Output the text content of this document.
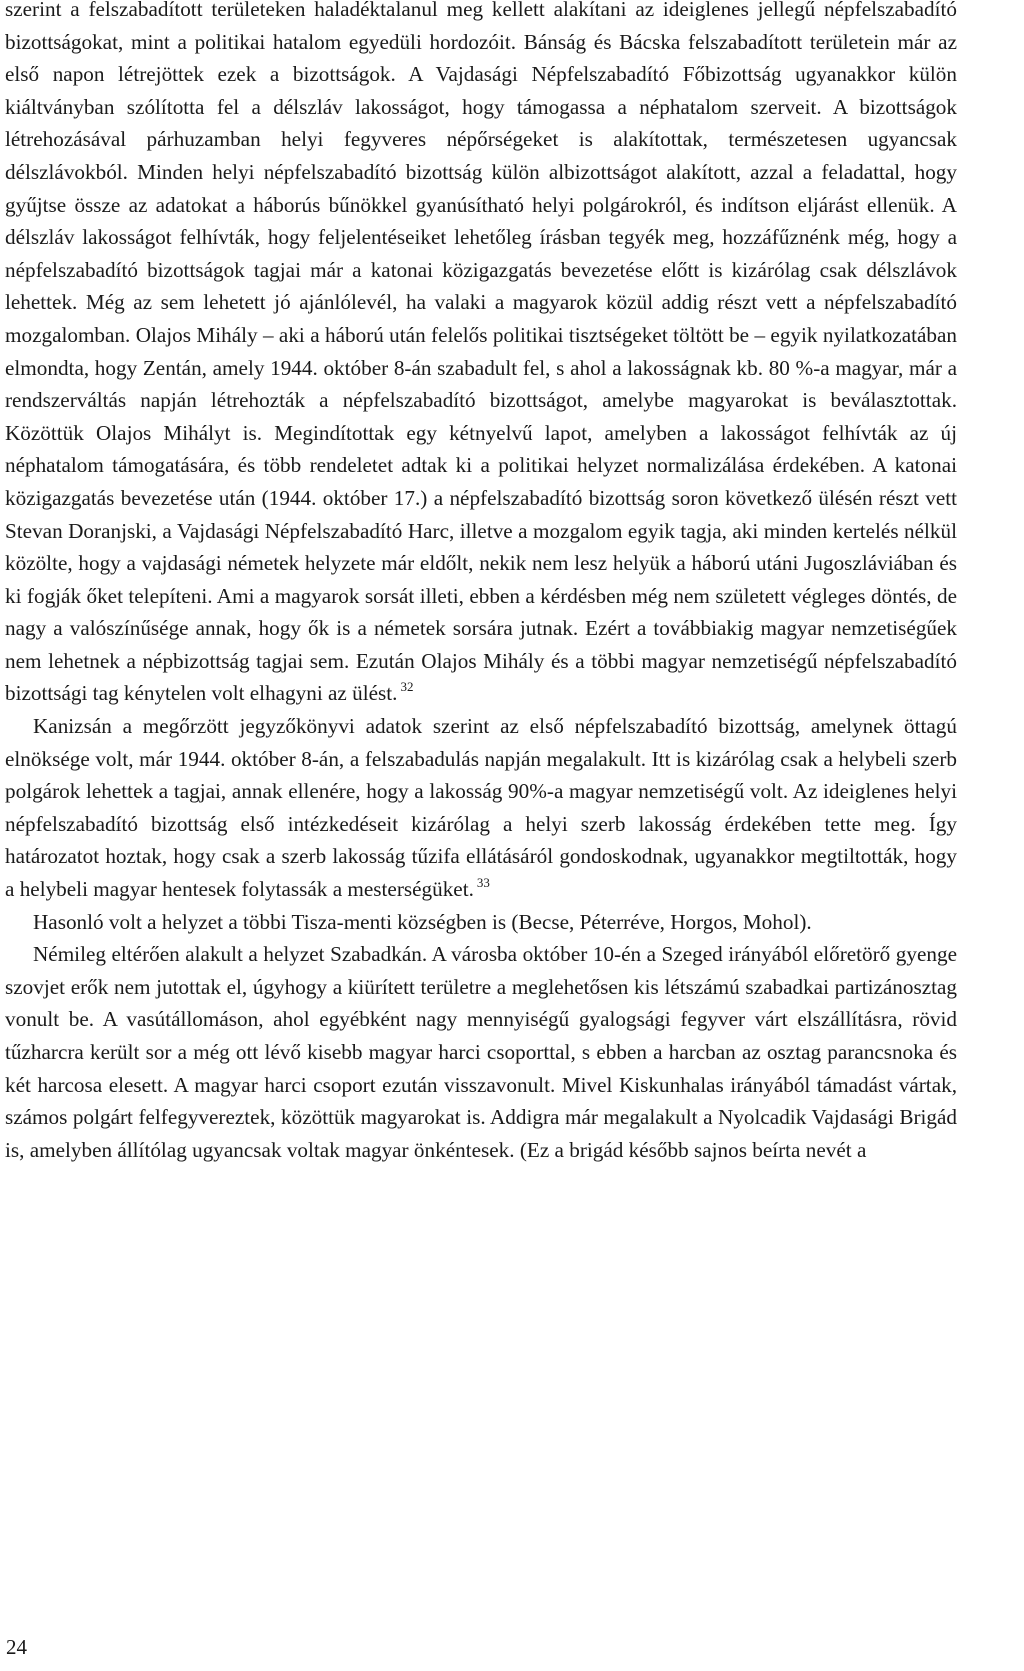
szerint a felszabadított területeken haladéktalanul meg kellett alakítani az ideiglenes jellegű népfelszabadító bizottságokat, mint a politikai hatalom egyedüli hordozóit. Bánság és Bácska felszabadított területein már az első napon létrejöttek ezek a bizottságok. A Vajdasági Népfelszabadító Főbizottság ugyanakkor külön kiáltványban szólította fel a délszláv lakosságot, hogy támogassa a néphatalom szerveit. A bizottságok létrehozásával párhuzamban helyi fegyveres népőrségeket is alakítottak, természetesen ugyancsak délszlávokból. Minden helyi népfelszabadító bizottság külön albizottságot alakított, azzal a feladattal, hogy gyűjtse össze az adatokat a háborús bűnökkel gyanúsítható helyi polgárokról, és indítson eljárást ellenük. A délszláv lakosságot felhívták, hogy feljelentéseiket lehetőleg írásban tegyék meg, hozzáfűznénk még, hogy a népfelszabadító bizottságok tagjai már a katonai közigazgatás bevezetése előtt is kizárólag csak délszlávok lehettek. Még az sem lehetett jó ajánlólevél, ha valaki a magyarok közül addig részt vett a népfelszabadító mozgalomban. Olajos Mihály – aki a háború után felelős politikai tisztségeket töltött be – egyik nyilatkozatában elmondta, hogy Zentán, amely 1944. október 8-án szabadult fel, s ahol a lakosságnak kb. 80 %-a magyar, már a rendszerváltás napján létrehozták a népfelszabadító bizottságot, amelybe magyarokat is beválasztottak. Közöttük Olajos Mihályt is. Megindítottak egy kétnyelvű lapot, amelyben a lakosságot felhívták az új néphatalom támogatására, és több rendeletet adtak ki a politikai helyzet normalizálása érdekében. A katonai közigazgatás bevezetése után (1944. október 17.) a népfelszabadító bizottság soron következő ülésén részt vett Stevan Doranjski, a Vajdasági Népfelszabadító Harc, illetve a mozgalom egyik tagja, aki minden kertelés nélkül közölte, hogy a vajdasági németek helyzete már eldőlt, nekik nem lesz helyük a háború utáni Jugoszláviában és ki fogják őket telepíteni. Ami a magyarok sorsát illeti, ebben a kérdésben még nem született végleges döntés, de nagy a valószínűsége annak, hogy ők is a németek sorsára jutnak. Ezért a továbbiakig magyar nemzetiségűek nem lehetnek a népbizottság tagjai sem. Ezután Olajos Mihály és a többi magyar nemzetiségű népfelszabadító bizottsági tag kénytelen volt elhagyni az ülést. $^{32}$

Kanizsán a megőrzött jegyzőkönyvi adatok szerint az első népfelszabadító bizottság, amelynek öttagú elnöksége volt, már 1944. október 8-án, a felszabadulás napján megalakult. Itt is kizárólag csak a helybeli szerb polgárok lehettek a tagjai, annak ellenére, hogy a lakosság 90%-a magyar nemzetiségű volt. Az ideiglenes helyi népfelszabadító bizottság első intézkedéseit kizárólag a helyi szerb lakosság érdekében tette meg. Így határozatot hoztak, hogy csak a szerb lakosság tűzifa ellátásáról gondoskodnak, ugyanakkor megtiltották, hogy a helybeli magyar hentesek folytassák a mesterségüket. $^{33}$

Hasonló volt a helyzet a többi Tisza-menti községben is (Becse, Péterréve, Horgos, Mohol).

Némileg eltérően alakult a helyzet Szabadkán. A városba október 10-én a Szeged irányából előretörő gyenge szovjet erők nem jutottak el, úgyhogy a kiürített területre a meglehetősen kis létszámú szabadkai partizánosztag vonult be. A vasútállomáson, ahol egyébként nagy mennyiségű gyalogsági fegyver várt elszállításra, rövid tűzharcra került sor a még ott lévő kisebb magyar harci csoporttal, s ebben a harcban az osztag parancsnoka és két harcosa elesett. A magyar harci csoport ezután visszavonult. Mivel Kiskunhalas irányából támadást vártak, számos polgárt felfegyvereztek, közöttük magyarokat is. Addigra már megalakult a Nyolcadik Vajdasági Brigád is, amelyben állítólag ugyancsak voltak magyar önkéntesek. (Ez a brigád később sajnos beírta nevét a

24
